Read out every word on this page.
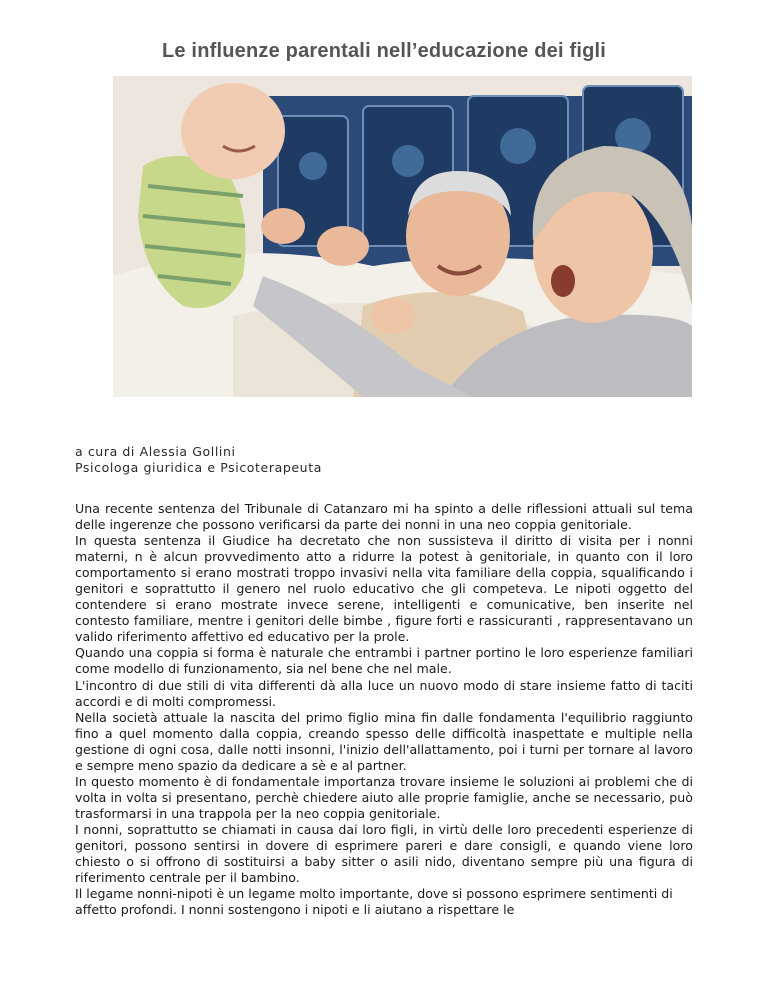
Le influenze parentali nell’educazione dei figli
a cura di Alessia Gollini
Psicologa giuridica e Psicoterapeuta

Una recente sentenza del Tribunale di Catanzaro mi ha spinto a delle riflessioni attuali sul tema delle ingerenze che possono verificarsi da parte dei nonni in una neo coppia genitoriale.

In questa sentenza il Giudice ha decretato che non sussisteva il diritto di visita per i nonni materni, n è alcun provvedimento atto a ridurre la potest à genitoriale, in quanto con il loro comportamento si erano mostrati troppo invasivi nella vita familiare della coppia, squalificando i genitori e soprattutto il genero nel ruolo educativo che gli competeva. Le nipoti oggetto del contendere si erano mostrate invece serene, intelligenti e comunicative, ben inserite nel contesto familiare, mentre i genitori delle bimbe , figure forti e rassicuranti , rappresentavano un valido riferimento affettivo ed educativo per la prole.

Quando una coppia si forma è naturale che entrambi i partner portino le loro esperienze familiari come modello di funzionamento, sia nel bene che nel male.

L'incontro di due stili di vita differenti dà alla luce un nuovo modo di stare insieme fatto di taciti accordi e di molti compromessi.

Nella società attuale la nascita del primo figlio mina fin dalle fondamenta l'equilibrio raggiunto fino a quel momento dalla coppia, creando spesso delle difficoltà inaspettate e multiple nella gestione di ogni cosa, dalle notti insonni, l'inizio dell'allattamento, poi i turni per tornare al lavoro e sempre meno spazio da dedicare a sè e al partner.

In questo momento è di fondamentale importanza trovare insieme le soluzioni ai problemi che di volta in volta si presentano, perchè chiedere aiuto alle proprie famiglie, anche se necessario, può trasformarsi in una trappola per la neo coppia genitoriale.

I nonni, soprattutto se chiamati in causa dai loro figli, in virtù delle loro precedenti esperienze di genitori, possono sentirsi in dovere di esprimere pareri e dare consigli, e quando viene loro chiesto o si offrono di sostituirsi a baby sitter o asili nido, diventano sempre più una figura di riferimento centrale per il bambino.

Il legame nonni-nipoti è un legame molto importante, dove si possono esprimere sentimenti di affetto profondi. I nonni sostengono i nipoti e li aiutano a rispettare le
